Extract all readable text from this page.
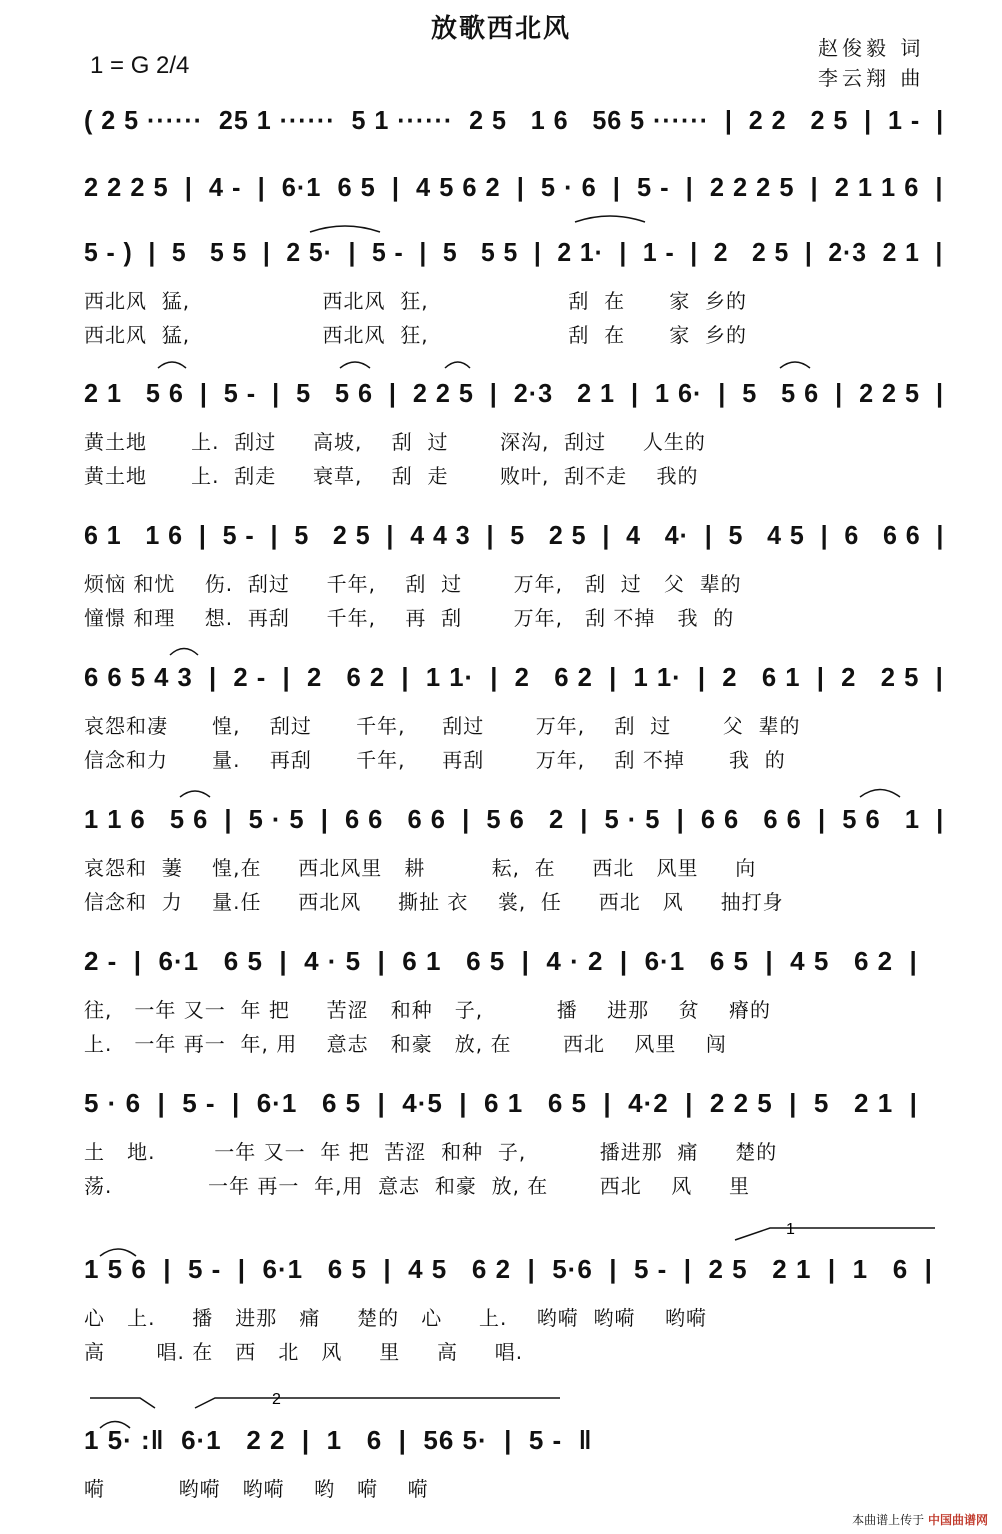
放歌西北风
赵俊毅 词
李云翔 曲
1 = G 2/4
( 2 5 ······  25 1 ······  5 1 ······  2 5   1 6   56 5 ······  |  2 2   2 5  |  1 -  |
2 2 2 5  |  4 -  |  6·1  6 5  |  4 5 6 2  |  5 · 6  |  5 -  |  2 2 2 5  |  2 1 1 6  |
5 - )  |  5   5 5  |  2 5·  |  5 -  |  5   5 5  |  2 1·  |  1 -  |  2   2 5  |  2·3  2 1  |
西北风  猛,                  西北风  狂,                   刮  在      家  乡的
西北风  猛,                  西北风  狂,                   刮  在      家  乡的
2 1   5 6  |  5 -  |  5   5 6  |  2 2 5  |  2·3   2 1  |  1 6·  |  5   5 6  |  2 2 5  |
黄土地      上.  刮过     高坡,    刮  过       深沟,  刮过     人生的
黄土地      上.  刮走     衰草,    刮  走       败叶,  刮不走    我的
6 1   1 6  |  5 -  |  5   2 5  |  4 4 3  |  5   2 5  |  4   4·  |  5   4 5  |  6   6 6  |
烦恼 和忧    伤.  刮过     千年,    刮  过       万年,   刮  过   父  辈的
憧憬 和理    想.  再刮     千年,    再  刮       万年,   刮 不掉   我  的
6 6 5 4 3  |  2 -  |  2   6 2  |  1 1·  |  2   6 2  |  1 1·  |  2   6 1  |  2   2 5  |
哀怨和凄      惶,    刮过      千年,     刮过       万年,    刮  过       父  辈的
信念和力      量.    再刮      千年,     再刮       万年,    刮 不掉      我  的
1 1 6   5 6  |  5 · 5  |  6 6   6 6  |  5 6   2  |  5 · 5  |  6 6   6 6  |  5 6   1  |
哀怨和  萋    惶,在     西北风里   耕         耘,  在     西北   风里     向
信念和  力    量.任     西北风     撕扯 衣    裳,  任     西北   风     抽打身
2 -  |  6·1   6 5  |  4 · 5  |  6 1   6 5  |  4 · 2  |  6·1   6 5  |  4 5   6 2  |
往,   一年 又一  年 把     苦涩   和种   子,          播    进那    贫    瘠的
上.   一年 再一  年, 用    意志   和豪   放, 在       西北    风里    闯
5 · 6  |  5 -  |  6·1   6 5  |  4·5  |  6 1   6 5  |  4·2  |  2 2 5  |  5   2 1  |
土   地.        一年 又一  年 把  苦涩  和种  子,          播进那  痛     楚的
荡.             一年 再一  年,用  意志  和豪  放, 在       西北    风     里
1 5 6  |  5 -  |  6·1   6 5  |  4 5   6 2  |  5·6  |  5 -  |  2 5   2 1  |  1   6  |
心   上.     播   进那   痛     楚的   心     上.    哟嗬  哟嗬    哟嗬
高       唱. 在   西   北   风     里     高     唱.
1 5· :‖  6·1   2 2  |  1   6  |  56 5·  |  5 -  ‖
嗬          哟嗬   哟嗬    哟   嗬    嗬
1
2
本曲谱上传于 中国曲谱网
